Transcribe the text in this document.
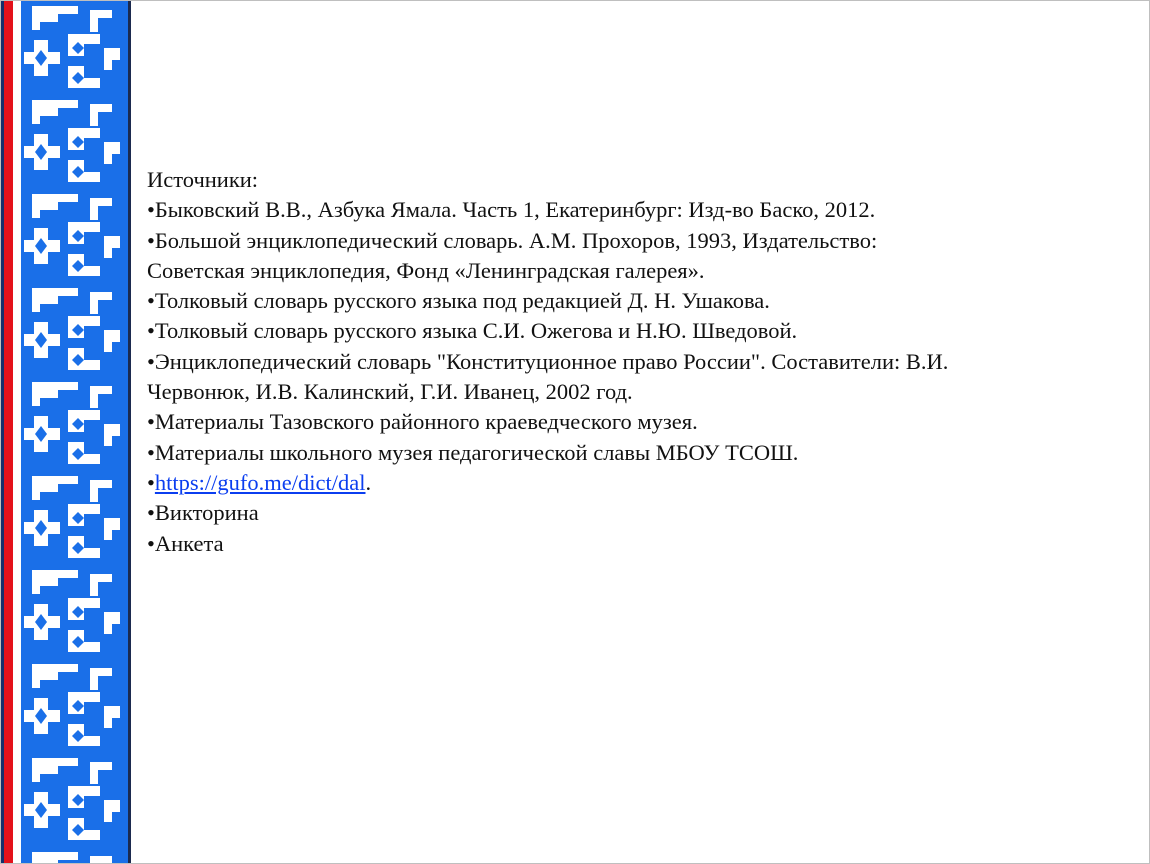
Источники:
•Быковский В.В., Азбука Ямала. Часть 1, Екатеринбург: Изд-во Баско, 2012.
•Большой энциклопедический словарь. А.М. Прохоров, 1993, Издательство:
Советская энциклопедия, Фонд «Ленинградская галерея».
•Толковый словарь русского языка под редакцией Д. Н. Ушакова.
•Толковый словарь русского языка С.И. Ожегова и Н.Ю. Шведовой.
•Энциклопедический словарь "Конституционное право России". Составители: В.И.
Червонюк, И.В. Калинский, Г.И. Иванец, 2002 год.
•Материалы Тазовского районного краеведческого музея.
•Материалы школьного музея педагогической славы МБОУ ТСОШ.
•https://gufo.me/dict/dal.
•Викторина
•Анкета
